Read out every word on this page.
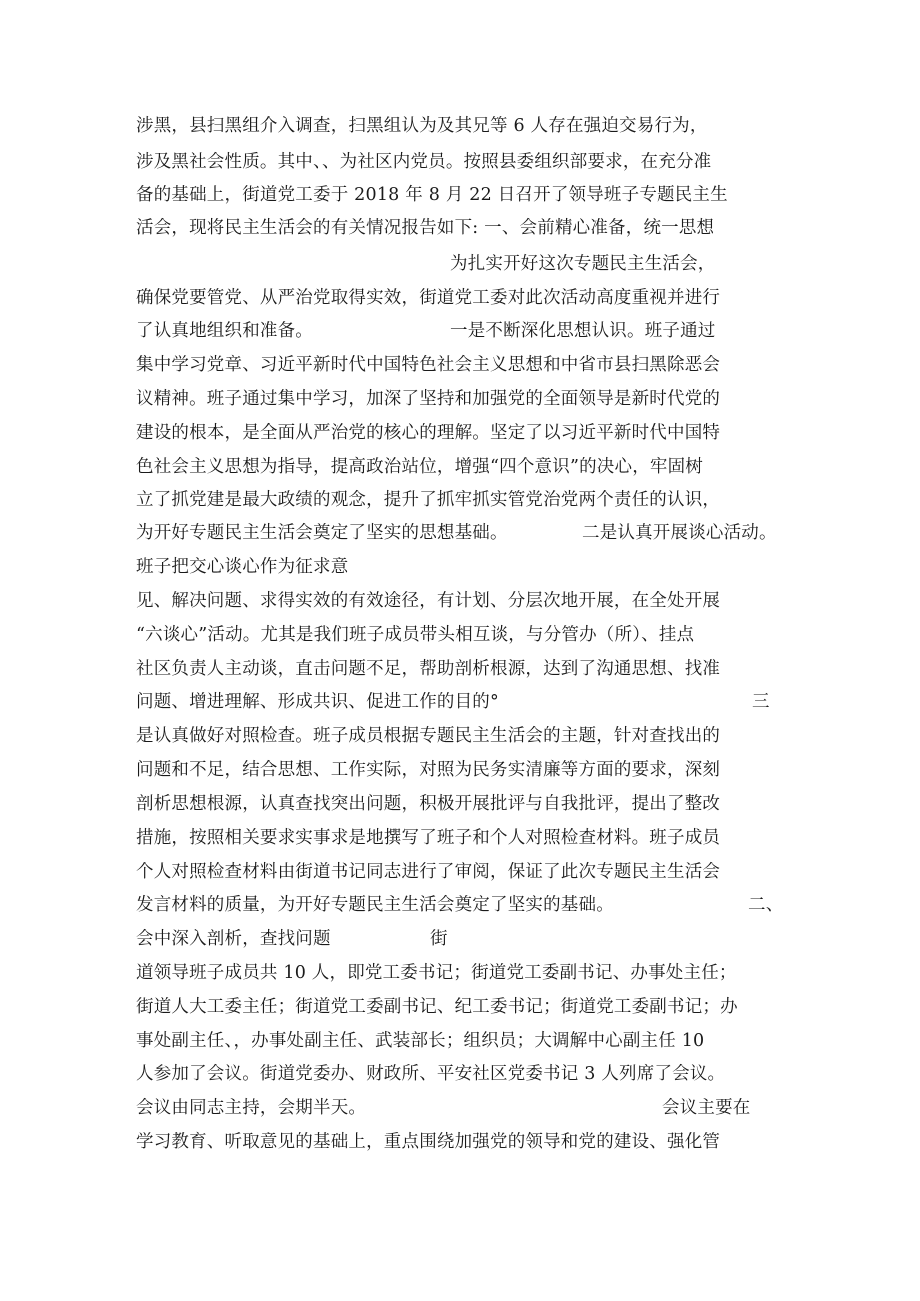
涉黑，县扫黑组介入调查，扫黑组认为及其兄等 6 人存在强迫交易行为，
涉及黑社会性质。其中、、为社区内党员。按照县委组织部要求，在充分准
备的基础上，街道党工委于 2018 年 8 月 22 日召开了领导班子专题民主生
活会，现将民主生活会的有关情况报告如下: 一、会前精心准备，统一思想
为扎实开好这次专题民主生活会，
确保党要管党、从严治党取得实效，街道党工委对此次活动高度重视并进行
了认真地组织和准备。	一是不断深化思想认识。班子通过
集中学习党章、习近平新时代中国特色社会主义思想和中省市县扫黑除恶会
议精神。班子通过集中学习，加深了坚持和加强党的全面领导是新时代党的
建设的根本，是全面从严治党的核心的理解。坚定了以习近平新时代中国特
色社会主义思想为指导，提高政治站位，增强“四个意识”的决心，牢固树
立了抓党建是最大政绩的观念，提升了抓牢抓实管党治党两个责任的认识，
为开好专题民主生活会奠定了坚实的思想基础。	二是认真开展谈心活动。
班子把交心谈心作为征求意
见、解决问题、求得实效的有效途径，有计划、分层次地开展，在全处开展
“六谈心”活动。尤其是我们班子成员带头相互谈，与分管办（所）、挂点
社区负责人主动谈，直击问题不足，帮助剖析根源，达到了沟通思想、找准
问题、增进理解、形成共识、促进工作的目的°	三
是认真做好对照检查。班子成员根据专题民主生活会的主题，针对查找出的
问题和不足，结合思想、工作实际，对照为民务实清廉等方面的要求，深刻
剖析思想根源，认真查找突出问题，积极开展批评与自我批评，提出了整改
措施，按照相关要求实事求是地撰写了班子和个人对照检查材料。班子成员
个人对照检查材料由街道书记同志进行了审阅，保证了此次专题民主生活会
发言材料的质量，为开好专题民主生活会奠定了坚实的基础。	二、
会中深入剖析，查找问题	街
道领导班子成员共 10 人，即党工委书记；街道党工委副书记、办事处主任；
街道人大工委主任；街道党工委副书记、纪工委书记；街道党工委副书记；办
事处副主任、，办事处副主任、武装部长；组织员；大调解中心副主任 10
人参加了会议。街道党委办、财政所、平安社区党委书记 3 人列席了会议。
会议由同志主持，会期半天。	会议主要在
学习教育、听取意见的基础上，重点围绕加强党的领导和党的建设、强化管
